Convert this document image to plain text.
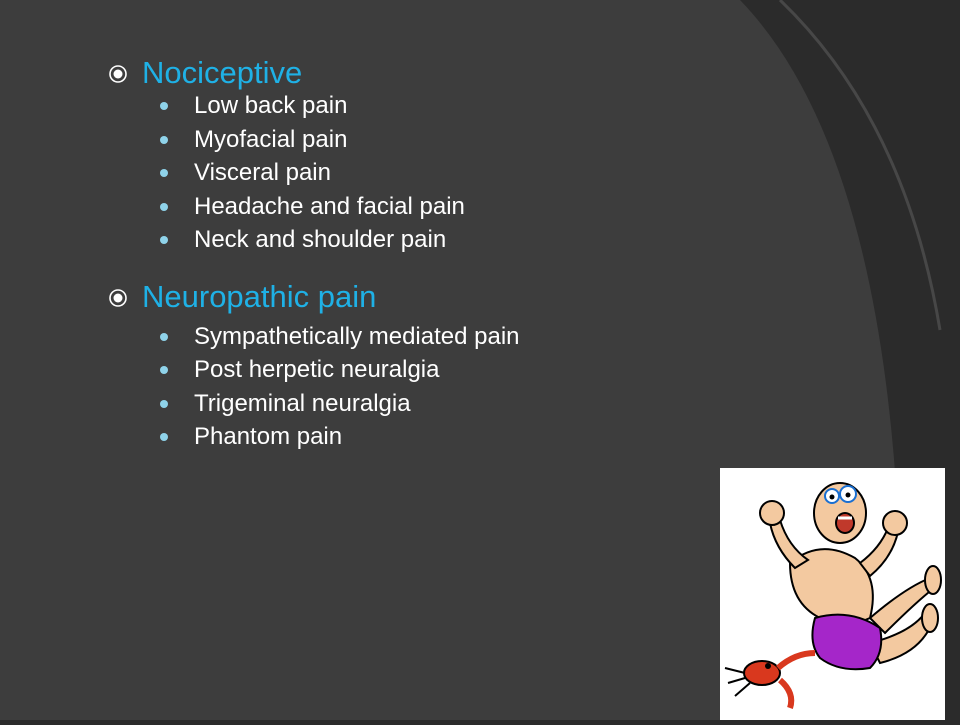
Nociceptive
Low back pain
Myofacial pain
Visceral pain
Headache and facial pain
Neck and shoulder pain
Neuropathic pain
Sympathetically mediated pain
Post herpetic neuralgia
Trigeminal neuralgia
Phantom pain
